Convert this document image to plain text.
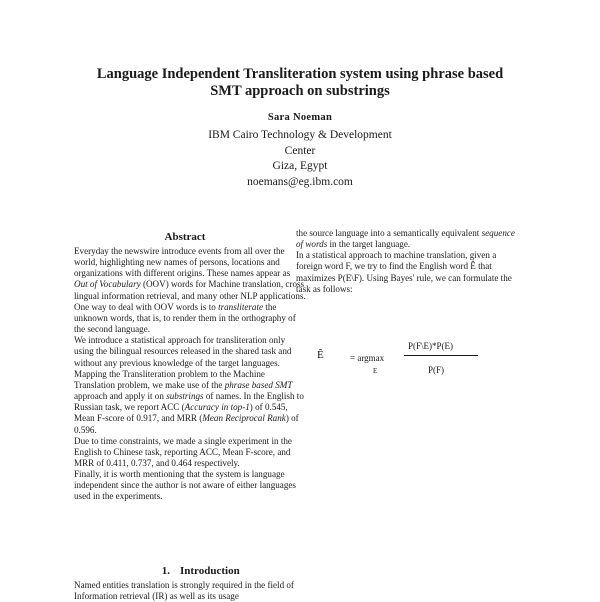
Language Independent Transliteration system using phrase based
SMT approach on substrings
Sara Noeman
IBM Cairo Technology & Development
Center
Giza, Egypt
noemans@eg.ibm.com
Abstract

Everyday the newswire introduce events from all over the world, highlighting new names of persons, locations and organizations with different origins. These names appear as Out of Vocabulary (OOV) words for Machine translation, cross lingual information retrieval, and many other NLP applications. One way to deal with OOV words is to transliterate the unknown words, that is, to render them in the orthography of the second language.

We introduce a statistical approach for transliteration only using the bilingual resources released in the shared task and without any previous knowledge of the target languages. Mapping the Transliteration problem to the Machine Translation problem, we make use of the phrase based SMT approach and apply it on substrings of names. In the English to Russian task, we report ACC (Accuracy in top-1) of 0.545, Mean F-score of 0.917, and MRR (Mean Reciprocal Rank) of 0.596.

Due to time constraints, we made a single experiment in the English to Chinese task, reporting ACC, Mean F-score, and MRR of 0.411, 0.737, and 0.464 respectively.

Finally, it is worth mentioning that the system is language independent since the author is not aware of either languages used in the experiments.

1. Introduction
Named entities translation is strongly required in the field of Information retrieval (IR) as well as its usage

the source language into a semantically equivalent sequence of words in the target language.

In a statistical approach to machine translation, given a foreign word F, we try to find the English word Ê that maximizes P(E\F). Using Bayes' rule, we can formulate the task as follows:

Ê	= argmax
E
P(F\E)*P(E)
P(F)
